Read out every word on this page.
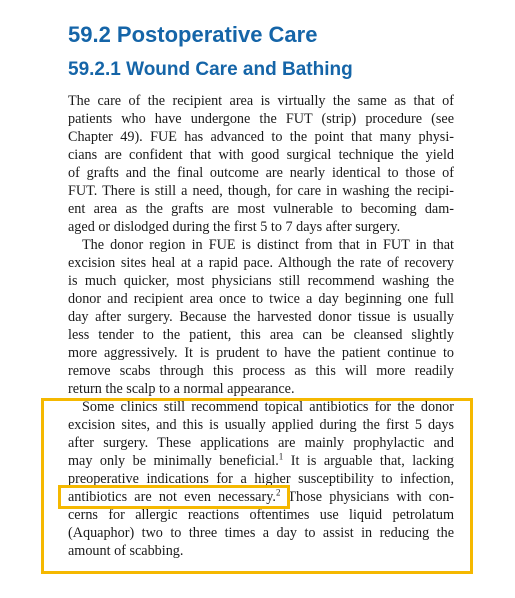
59.2 Postoperative Care
59.2.1 Wound Care and Bathing
The care of the recipient area is virtually the same as that of
patients who have undergone the FUT (strip) procedure (see
Chapter 49). FUE has advanced to the point that many physi-
cians are confident that with good surgical technique the yield
of grafts and the final outcome are nearly identical to those of
FUT. There is still a need, though, for care in washing the recipi-
ent area as the grafts are most vulnerable to becoming dam-
aged or dislodged during the first 5 to 7 days after surgery.
The donor region in FUE is distinct from that in FUT in that
excision sites heal at a rapid pace. Although the rate of recovery
is much quicker, most physicians still recommend washing the
donor and recipient area once to twice a day beginning one full
day after surgery. Because the harvested donor tissue is usually
less tender to the patient, this area can be cleansed slightly
more aggressively. It is prudent to have the patient continue to
remove scabs through this process as this will more readily
return the scalp to a normal appearance.
Some clinics still recommend topical antibiotics for the donor
excision sites, and this is usually applied during the first 5 days
after surgery. These applications are mainly prophylactic and
may only be minimally beneficial.$^1$ It is arguable that, lacking
preoperative indications for a higher susceptibility to infection,
antibiotics are not even necessary.$^2$ Those physicians with con-
cerns for allergic reactions oftentimes use liquid petrolatum
(Aquaphor) two to three times a day to assist in reducing the
amount of scabbing.
